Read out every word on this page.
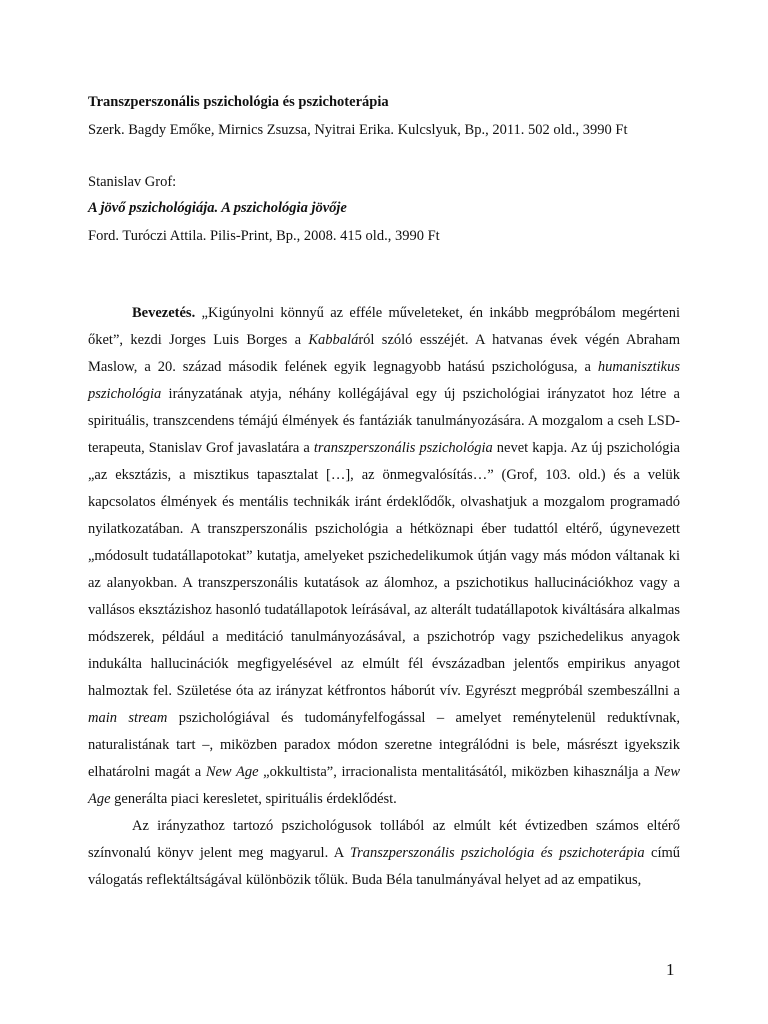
Transzperszonális pszichológia és pszichoterápia
Szerk. Bagdy Emőke, Mirnics Zsuzsa, Nyitrai Erika. Kulcslyuk, Bp., 2011. 502 old., 3990 Ft
Stanislav Grof:
A jövő pszichológiája. A pszichológia jövője
Ford. Turóczi Attila. Pilis-Print, Bp., 2008. 415 old., 3990 Ft

Bevezetés. „Kigúnyolni könnyű az efféle műveleteket, én inkább megpróbálom megérteni őket”, kezdi Jorges Luis Borges a Kabbaláról szóló esszéjét. A hatvanas évek végén Abraham Maslow, a 20. század második felének egyik legnagyobb hatású pszichológusa, a humanisztikus pszichológia irányzatának atyja, néhány kollégájával egy új pszichológiai irányzatot hoz létre a spirituális, transzcendens témájú élmények és fantáziák tanulmányozására. A mozgalom a cseh LSD-terapeuta, Stanislav Grof javaslatára a transzperszonális pszichológia nevet kapja. Az új pszichológia „az eksztázis, a misztikus tapasztalat […], az önmegvalósítás…” (Grof, 103. old.) és a velük kapcsolatos élmények és mentális technikák iránt érdeklődők, olvashatjuk a mozgalom programadó nyilatkozatában. A transzperszonális pszichológia a hétköznapi éber tudattól eltérő, úgynevezett „módosult tudatállapotokat” kutatja, amelyeket pszichedelikumok útján vagy más módon váltanak ki az alanyokban. A transzperszonális kutatások az álomhoz, a pszichotikus hallucinációkhoz vagy a vallásos eksztázishoz hasonló tudatállapotok leírásával, az alterált tudatállapotok kiváltására alkalmas módszerek, például a meditáció tanulmányozásával, a pszichotróp vagy pszichedelikus anyagok indukálta hallucinációk megfigyelésével az elmúlt fél évszázadban jelentős empirikus anyagot halmoztak fel. Születése óta az irányzat kétfrontos háborút vív. Egyrészt megpróbál szembeszállni a main stream pszichológiával és tudományfelfogással – amelyet reménytelenül reduktívnak, naturalistának tart –, miközben paradox módon szeretne integrálódni is bele, másrészt igyekszik elhatárolni magát a New Age „okkultista”, irracionalista mentalitásától, miközben kihasználja a New Age generálta piaci keresletet, spirituális érdeklődést.

Az irányzathoz tartozó pszichológusok tollából az elmúlt két évtizedben számos eltérő színvonalú könyv jelent meg magyarul. A Transzperszonális pszichológia és pszichoterápia című válogatás reflektáltságával különbözik tőlük. Buda Béla tanulmányával helyet ad az empatikus,

1
